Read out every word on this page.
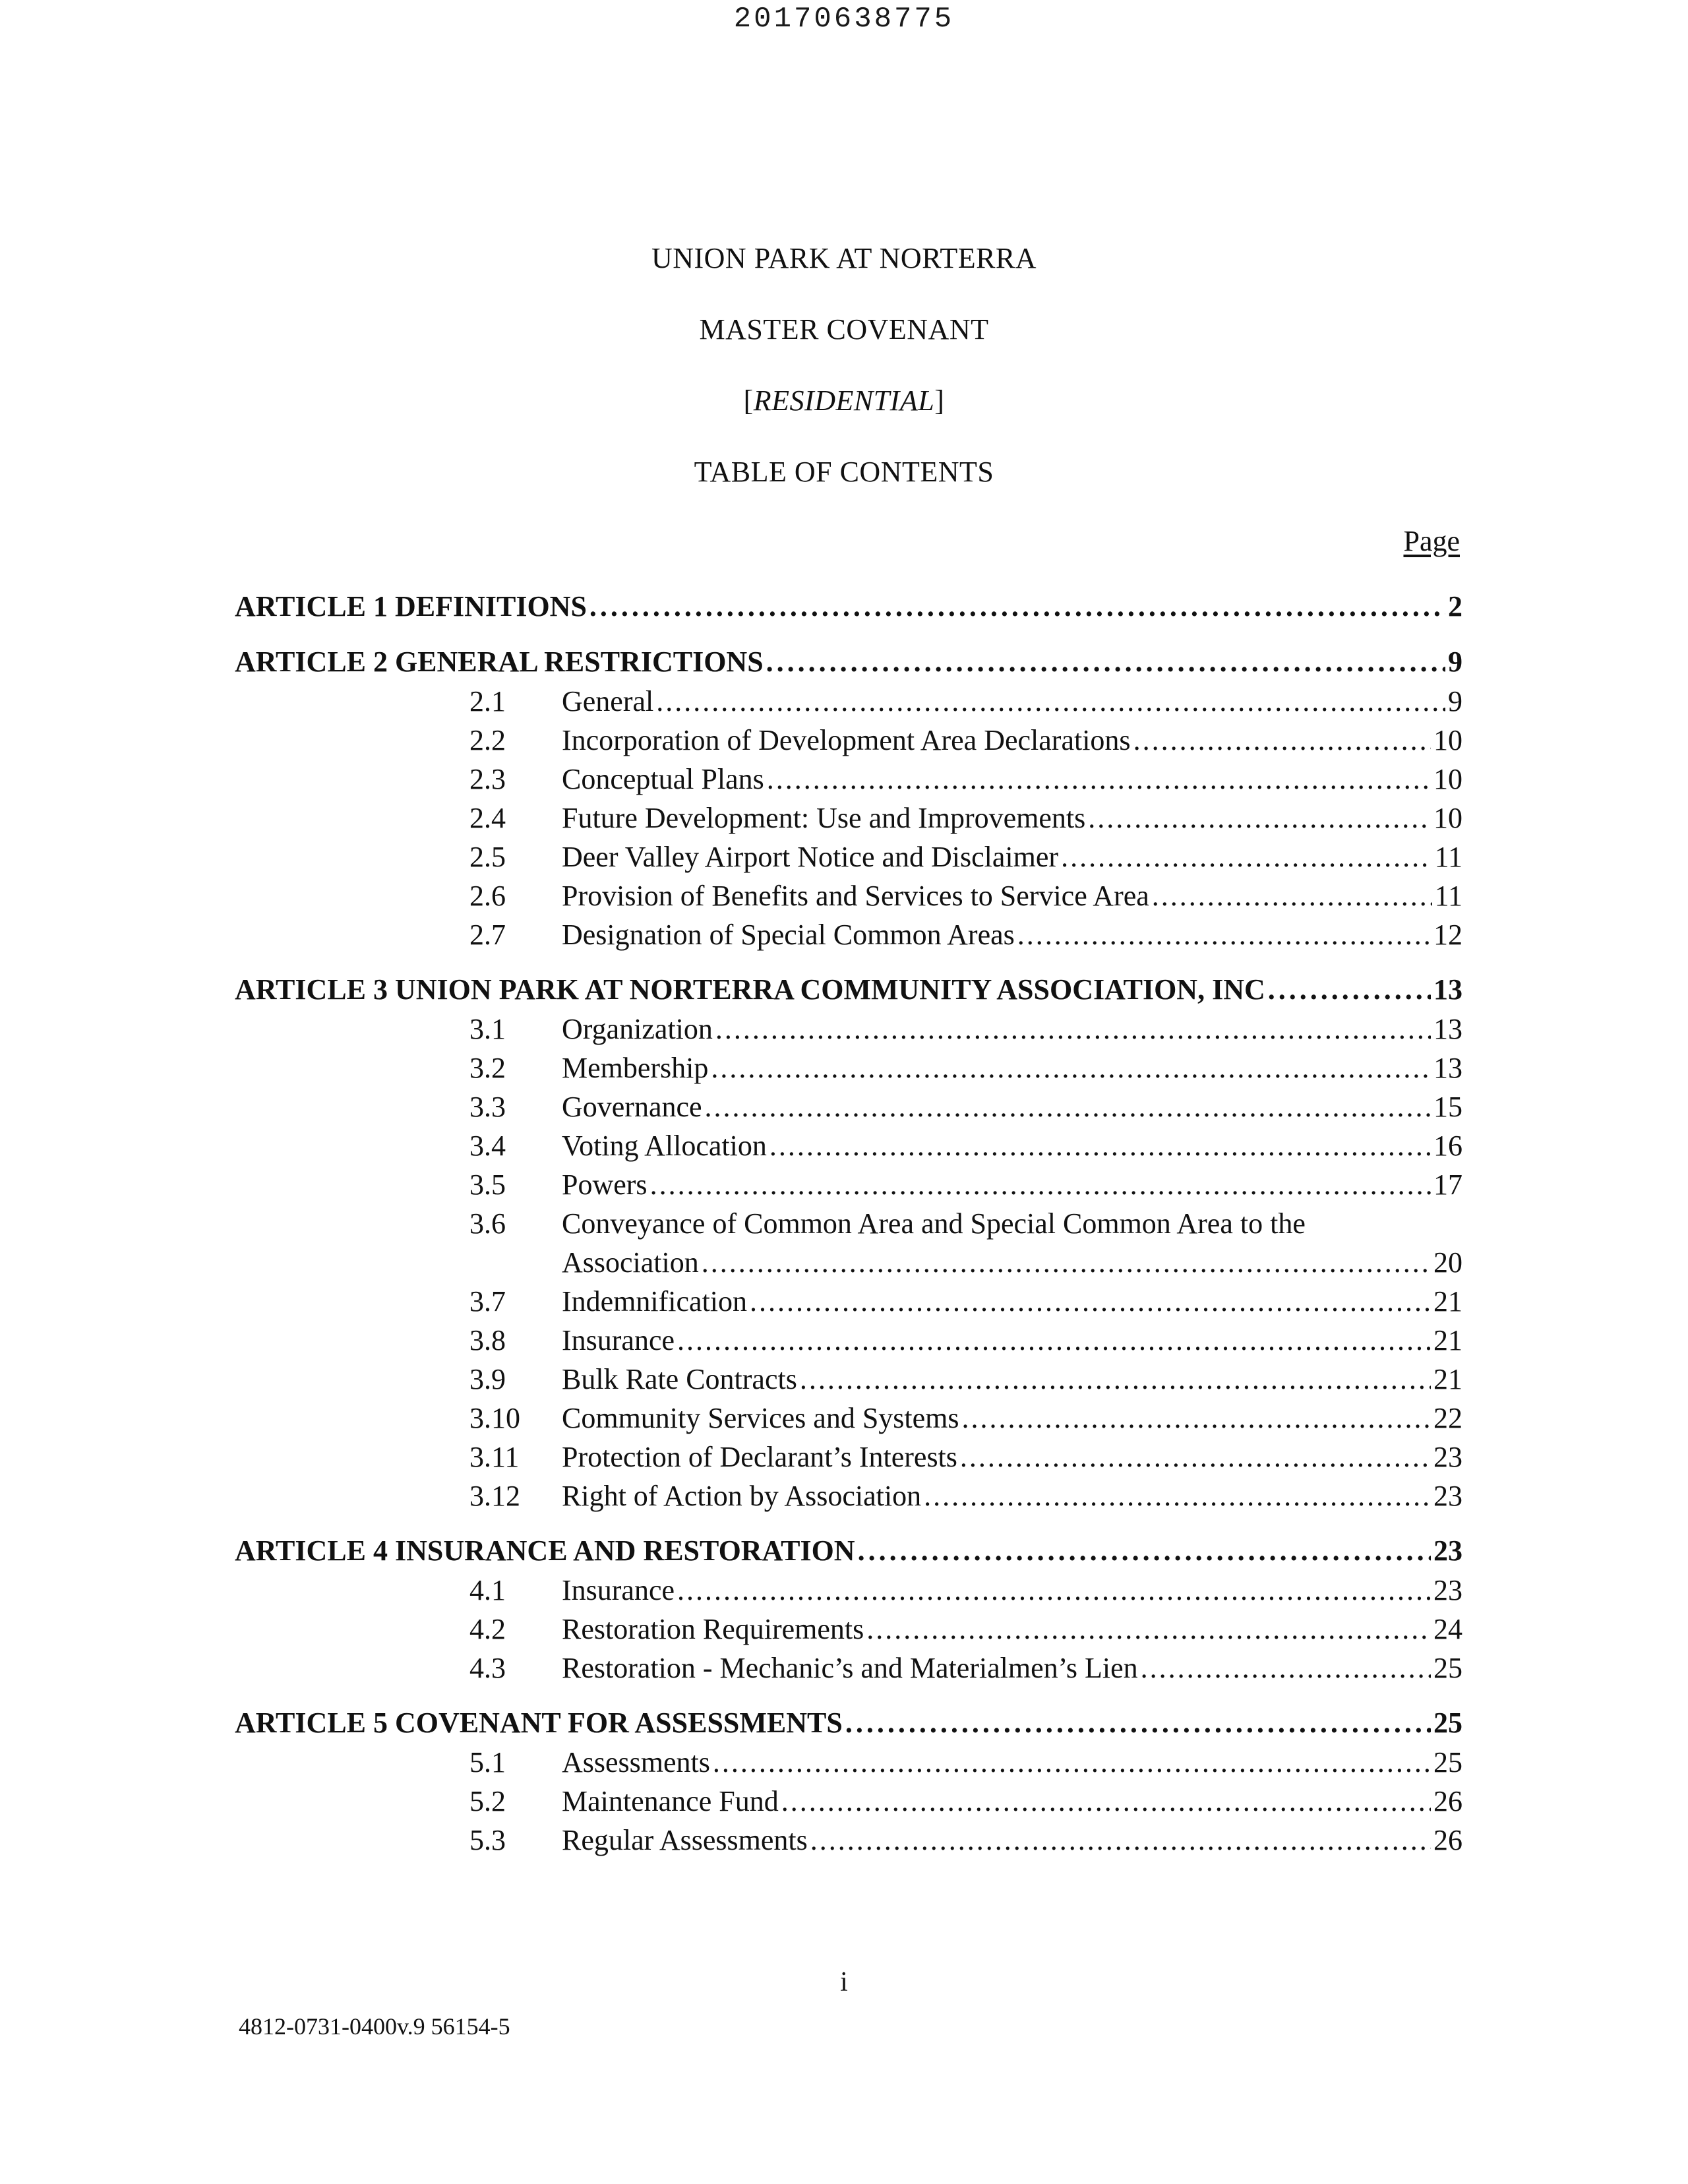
20170638775
UNION PARK AT NORTERRA
MASTER COVENANT
[RESIDENTIAL]
TABLE OF CONTENTS
Page
ARTICLE 1 DEFINITIONS . . .	2
ARTICLE 2 GENERAL RESTRICTIONS . . .	9
2.1	General . . .	9
2.2	Incorporation of Development Area Declarations . . .	10
2.3	Conceptual Plans . . .	10
2.4	Future Development: Use and Improvements . . .	10
2.5	Deer Valley Airport Notice and Disclaimer . . .	11
2.6	Provision of Benefits and Services to Service Area . . .	11
2.7	Designation of Special Common Areas . . .	12
ARTICLE 3 UNION PARK AT NORTERRA COMMUNITY ASSOCIATION, INC . . .	13
3.1	Organization . . .	13
3.2	Membership . . .	13
3.3	Governance . . .	15
3.4	Voting Allocation . . .	16
3.5	Powers . . .	17
3.6	Conveyance of Common Area and Special Common Area to the
Association . . .	20
3.7	Indemnification . . .	21
3.8	Insurance . . .	21
3.9	Bulk Rate Contracts . . .	21
3.10	Community Services and Systems . . .	22
3.11	Protection of Declarant’s Interests . . .	23
3.12	Right of Action by Association . . .	23
ARTICLE 4 INSURANCE AND RESTORATION . . .	23
4.1	Insurance . . .	23
4.2	Restoration Requirements . . .	24
4.3	Restoration - Mechanic’s and Materialmen’s Lien . . .	25
ARTICLE 5 COVENANT FOR ASSESSMENTS . . .	25
5.1	Assessments . . .	25
5.2	Maintenance Fund . . .	26
5.3	Regular Assessments . . .	26
i
4812-0731-0400v.9 56154-5
